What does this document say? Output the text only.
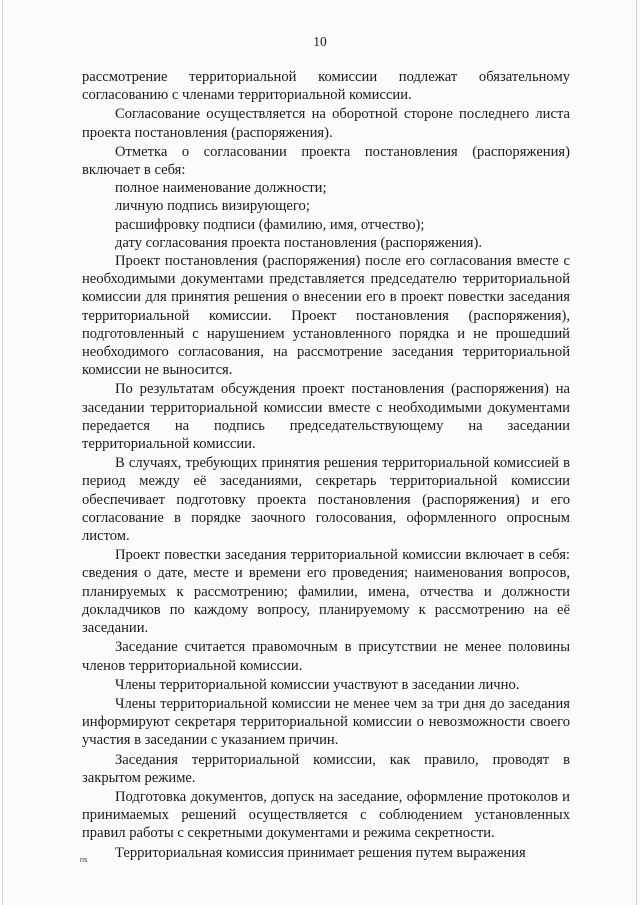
10

рассмотрение территориальной комиссии подлежат обязательному согласованию с членами территориальной комиссии.

Согласование осуществляется на оборотной стороне последнего листа проекта постановления (распоряжения).

Отметка о согласовании проекта постановления (распоряжения) включает в себя:

полное наименование должности;

личную подпись визирующего;

расшифровку подписи (фамилию, имя, отчество);

дату согласования проекта постановления (распоряжения).

Проект постановления (распоряжения) после его согласования вместе с необходимыми документами представляется председателю территориальной комиссии для принятия решения о внесении его в проект повестки заседания территориальной комиссии. Проект постановления (распоряжения), подготовленный с нарушением установленного порядка и не прошедший необходимого согласования, на рассмотрение заседания территориальной комиссии не выносится.

По результатам обсуждения проект постановления (распоряжения) на заседании территориальной комиссии вместе с необходимыми документами передается на подпись председательствующему на заседании территориальной комиссии.

В случаях, требующих принятия решения территориальной комиссией в период между её заседаниями, секретарь территориальной комиссии обеспечивает подготовку проекта постановления (распоряжения) и его согласование в порядке заочного голосования, оформленного опросным листом.

Проект повестки заседания территориальной комиссии включает в себя: сведения о дате, месте и времени его проведения; наименования вопросов, планируемых к рассмотрению; фамилии, имена, отчества и должности докладчиков по каждому вопросу, планируемому к рассмотрению на её заседании.

Заседание считается правомочным в присутствии не менее половины членов территориальной комиссии.

Члены территориальной комиссии участвуют в заседании лично.

Члены территориальной комиссии не менее чем за три дня до заседания информируют секретаря территориальной комиссии о невозможности своего участия в заседании с указанием причин.

Заседания территориальной комиссии, как правило, проводят в закрытом режиме.

Подготовка документов, допуск на заседание, оформление протоколов и принимаемых решений осуществляется с соблюдением установленных правил работы с секретными документами и режима секретности.

Территориальная комиссия принимает решения путем выражения

ns
